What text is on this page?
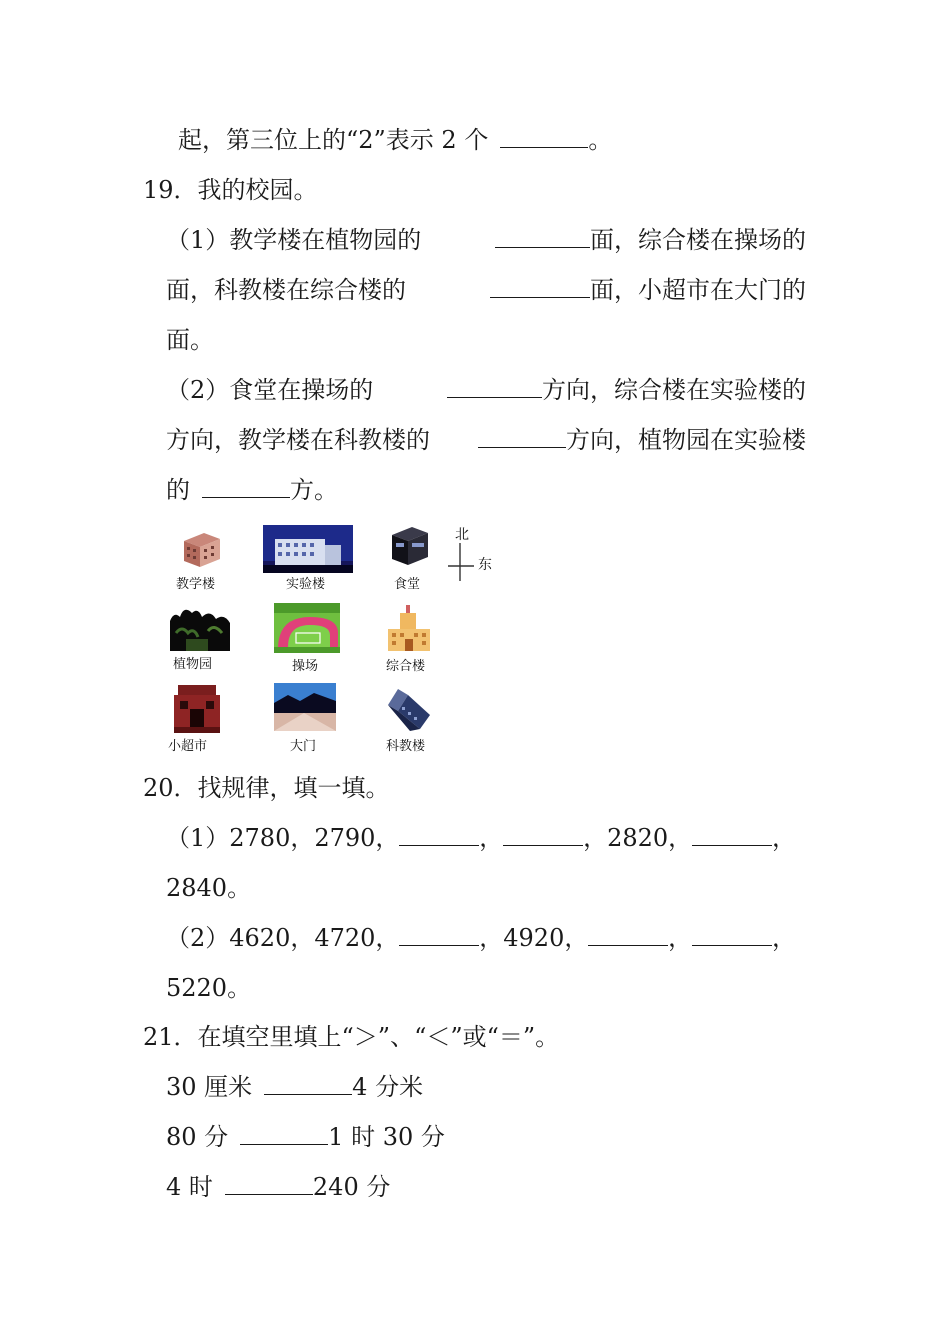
起，第三位上的“2”表示 2 个	。
19．我的校园。
（1）教学楼在植物园的	面，综合楼在操场的
面，科教楼在综合楼的	面，小超市在大门的
面。
（2）食堂在操场的	方向，综合楼在实验楼的
方向，教学楼在科教楼的	方向，植物园在实验楼
的	方。
教学楼	实验楼	食堂
北
东
植物园	操场	综合楼
小超市	大门	科教楼
20．找规律，填一填。
（1）2780，2790，	，	，2820，	，
2840。
（2）4620，4720，	，4920，	，	，
5220。
21．在填空里填上“＞”、“＜”或“＝”。
30 厘米	4 分米
80 分	1 时 30 分
4 时	240 分
